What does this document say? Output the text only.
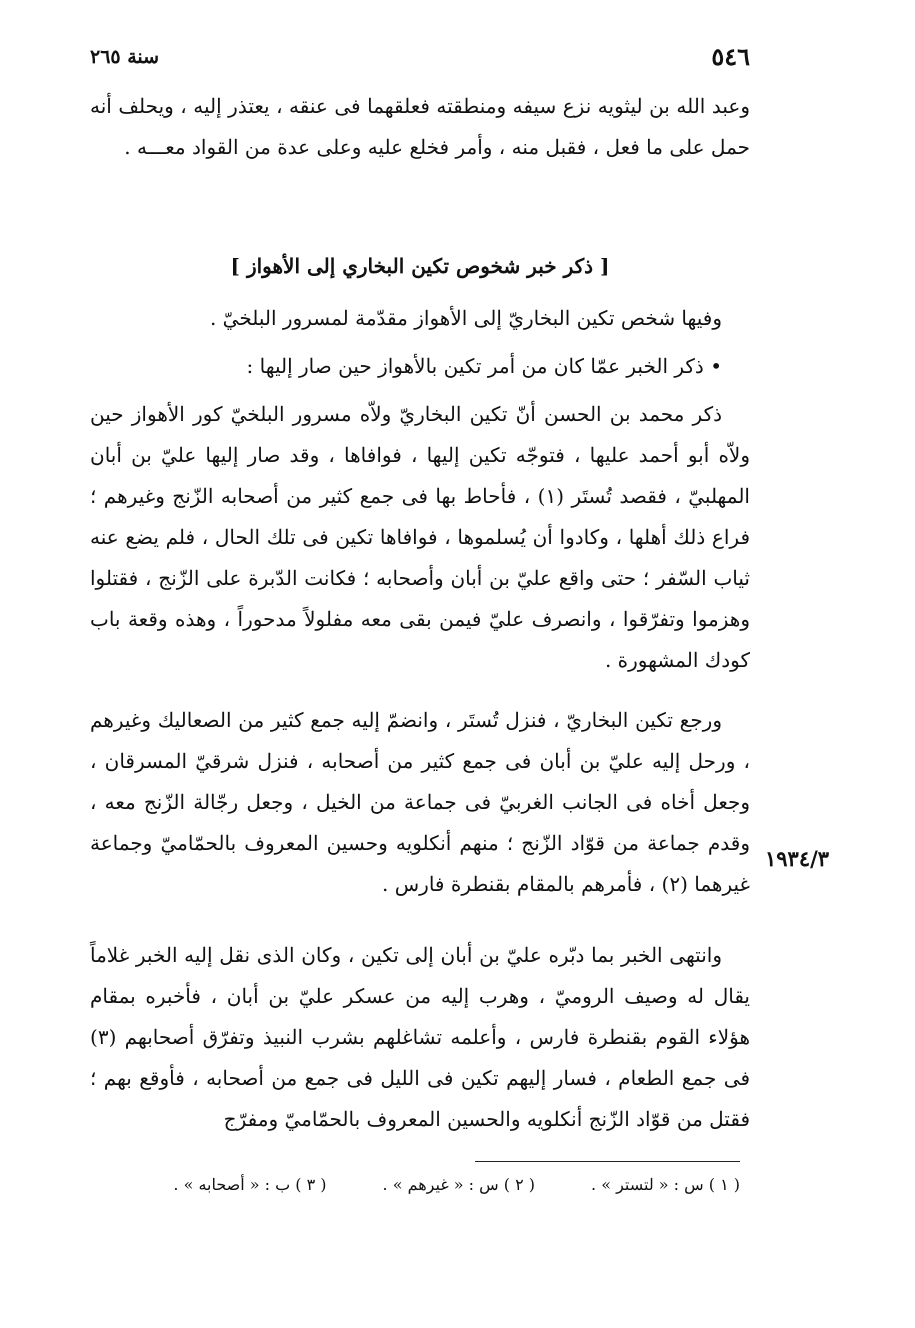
٥٤٦
سنة ٢٦٥

وعبد الله بن ليثويه نزع سيفه ومنطقته فعلقهما فى عنقه ، يعتذر إليه ، ويحلف أنه حمل على ما فعل ، فقبل منه ، وأمر فخلع عليه وعلى عدة من القواد معـــه .

[ ذكر خبر شخوص تكين البخاري إلى الأهواز ]

وفيها شخص تكين البخاريّ إلى الأهواز مقدّمة لمسرور البلخيّ .

• ذكر الخبر عمّا كان من أمر تكين بالأهواز حين صار إليها :

ذكر محمد بن الحسن أنّ تكين البخاريّ ولاّه مسرور البلخيّ كور الأهواز حين ولاّه أبو أحمد عليها ، فتوجّه تكين إليها ، فوافاها ، وقد صار إليها عليّ بن أبان المهلبيّ ، فقصد تُستَر (١) ، فأحاط بها فى جمع كثير من أصحابه الزّنج وغيرهم ؛ فراع ذلك أهلها ، وكادوا أن يُسلموها ، فوافاها تكين فى تلك الحال ، فلم يضع عنه ثياب السّفر ؛ حتى واقع عليّ بن أبان وأصحابه ؛ فكانت الدّبرة على الزّنج ، فقتلوا وهزموا وتفرّقوا ، وانصرف عليّ فيمن بقى معه مفلولاً مدحوراً ، وهذه وقعة باب كودك المشهورة .

ورجع تكين البخاريّ ، فنزل تُستَر ، وانضمّ إليه جمع كثير من الصعاليك وغيرهم ، ورحل إليه عليّ بن أبان فى جمع كثير من أصحابه ، فنزل شرقيّ المسرقان ، وجعل أخاه فى الجانب الغربيّ فى جماعة من الخيل ، وجعل رجّالة الزّنج معه ، وقدم جماعة من قوّاد الزّنج ؛ منهم أنكلويه وحسين المعروف بالحمّاميّ وجماعة غيرهما (٢) ، فأمرهم بالمقام بقنطرة فارس .

١٩٣٤/٣

وانتهى الخبر بما دبّره عليّ بن أبان إلى تكين ، وكان الذى نقل إليه الخبر غلاماً يقال له وصيف الروميّ ، وهرب إليه من عسكر عليّ بن أبان ، فأخبره بمقام هؤلاء القوم بقنطرة فارس ، وأعلمه تشاغلهم بشرب النبيذ وتفرّق أصحابهم (٣) فى جمع الطعام ، فسار إليهم تكين فى الليل فى جمع من أصحابه ، فأوقع بهم ؛ فقتل من قوّاد الزّنج أنكلويه والحسين المعروف بالحمّاميّ ومفرّج

( ١ ) س : « لتستر » .
( ٢ ) س : « غيرهم » .
( ٣ ) ب : « أصحابه » .
